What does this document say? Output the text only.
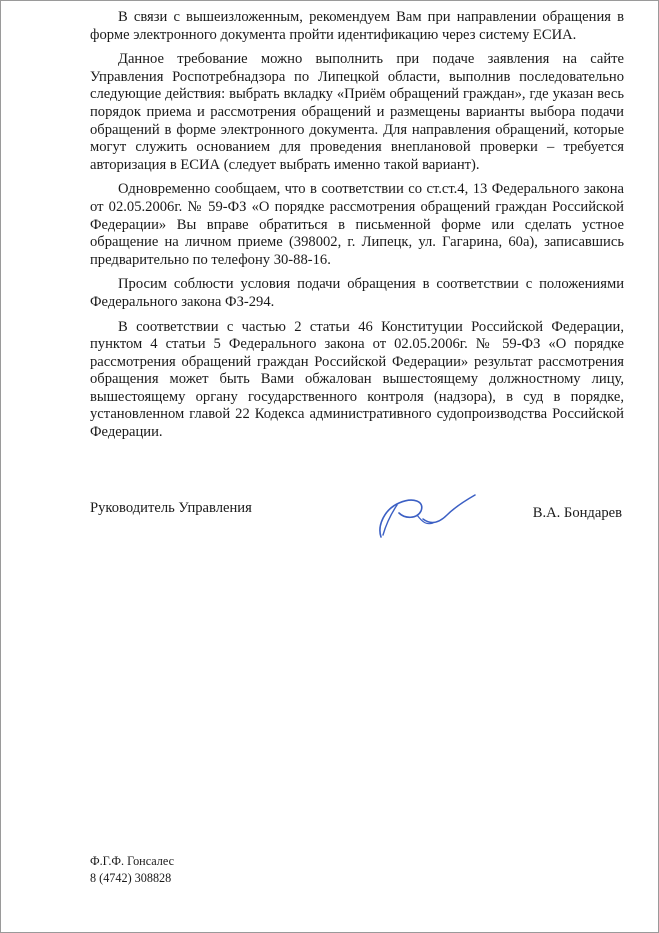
В связи с вышеизложенным, рекомендуем Вам при направлении обращения в форме электронного документа пройти идентификацию через систему ЕСИА.

Данное требование можно выполнить при подаче заявления на сайте Управления Роспотребнадзора по Липецкой области, выполнив последовательно следующие действия: выбрать вкладку «Приём обращений граждан», где указан весь порядок приема и рассмотрения обращений и размещены варианты выбора подачи обращений в форме электронного документа. Для направления обращений, которые могут служить основанием для проведения внеплановой проверки – требуется авторизация в ЕСИА (следует выбрать именно такой вариант).

Одновременно сообщаем, что в соответствии со ст.ст.4, 13 Федерального закона от 02.05.2006г. № 59-ФЗ «О порядке рассмотрения обращений граждан Российской Федерации» Вы вправе обратиться в письменной форме или сделать устное обращение на личном приеме (398002, г. Липецк, ул. Гагарина, 60а), записавшись предварительно по телефону 30-88-16.

Просим соблюсти условия подачи обращения в соответствии с положениями Федерального закона ФЗ-294.

В соответствии с частью 2 статьи 46 Конституции Российской Федерации, пунктом 4 статьи 5 Федерального закона от 02.05.2006г. № 59-ФЗ «О порядке рассмотрения обращений граждан Российской Федерации» результат рассмотрения обращения может быть Вами обжалован вышестоящему должностному лицу, вышестоящему органу государственного контроля (надзора), в суд в порядке, установленном главой 22 Кодекса административного судопроизводства Российской Федерации.

Руководитель Управления	В.А. Бондарев
Ф.Г.Ф. Гонсалес
8 (4742) 308828
